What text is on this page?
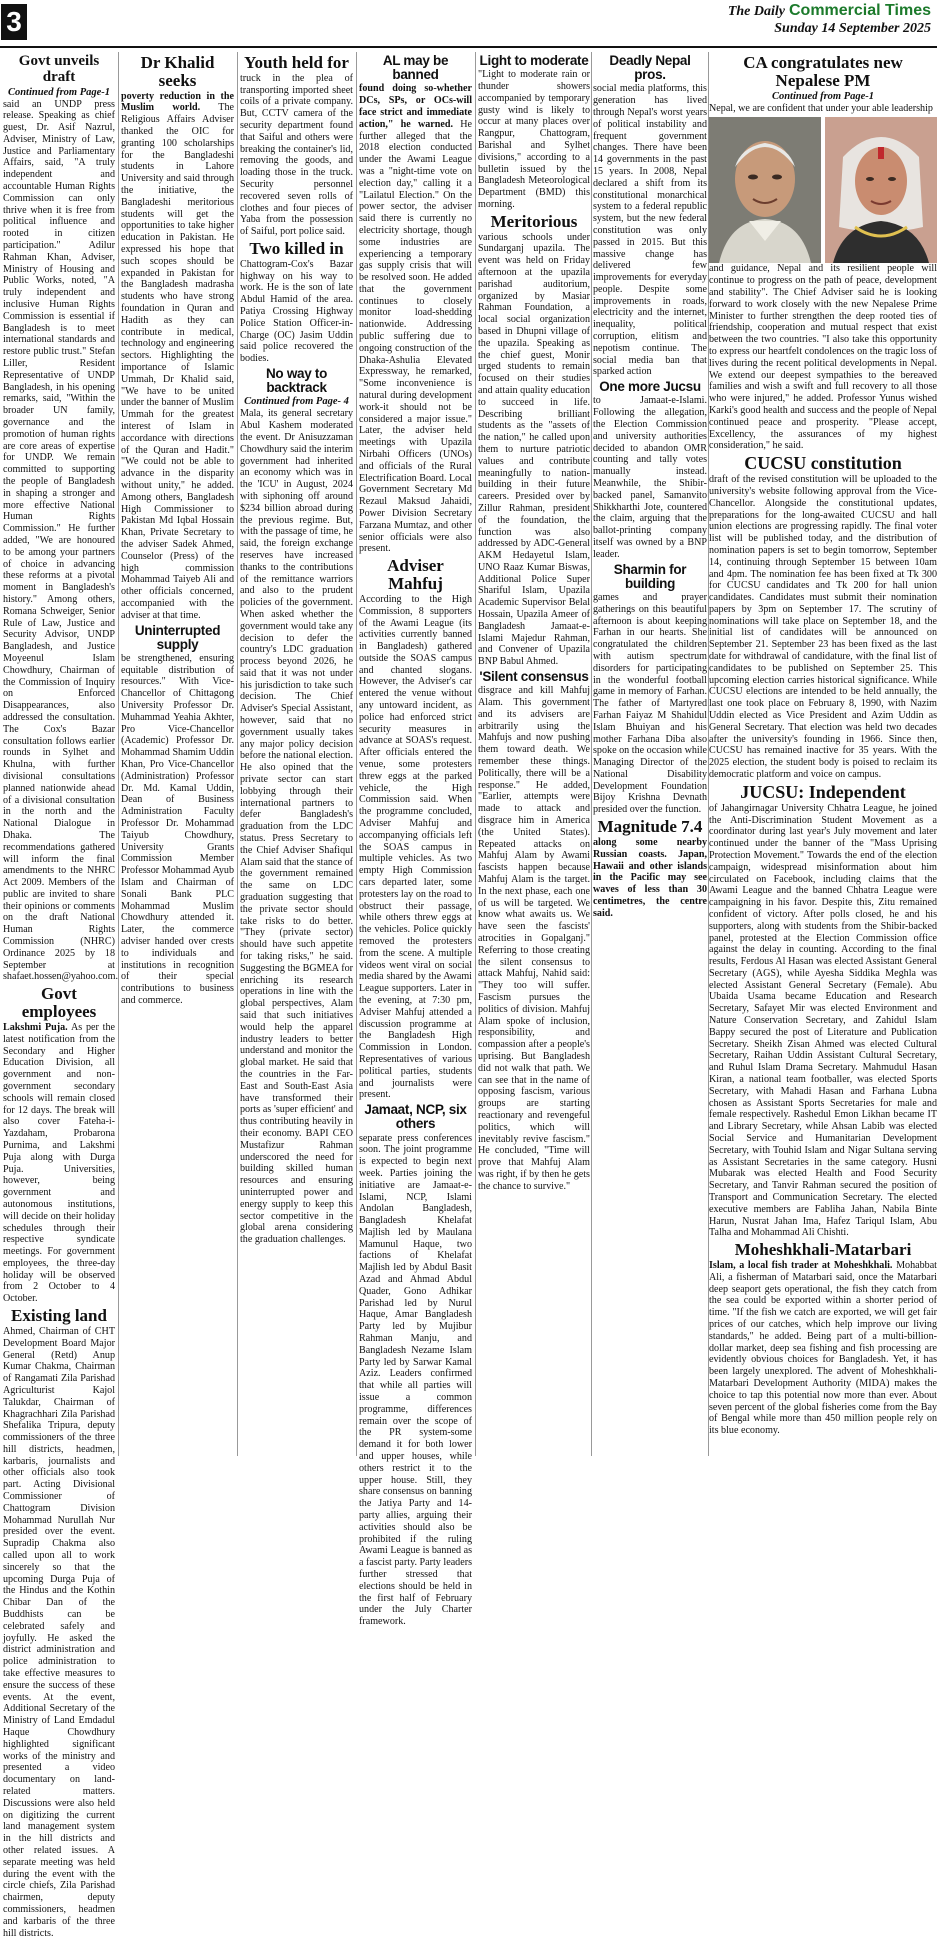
3	The Daily Commercial Times
Sunday 14 September 2025
Govt unveils draft
Continued from Page-1

said an UNDP press release. Speaking as chief guest, Dr. Asif Nazrul, Adviser, Ministry of Law, Justice and Parliamentary Affairs, said, "A truly independent and accountable Human Rights Commission can only thrive when it is free from political influence and rooted in citizen participation." Adilur Rahman Khan, Adviser, Ministry of Housing and Public Works, noted, "A truly independent and inclusive Human Rights Commission is essential if Bangladesh is to meet international standards and restore public trust." Stefan Liller, Resident Representative of UNDP Bangladesh, in his opening remarks, said, "Within the broader UN family, governance and the promotion of human rights are core areas of expertise for UNDP. We remain committed to supporting the people of Bangladesh in shaping a stronger and more effective National Human Rights Commission." He further added, "We are honoured to be among your partners of choice in advancing these reforms at a pivotal moment in Bangladesh's history." Among others, Romana Schweiger, Senior Rule of Law, Justice and Security Advisor, UNDP Bangladesh, and Justice Moyeenul Islam Chowdhury, Chairman of the Commission of Inquiry on Enforced Disappearances, also addressed the consultation. The Cox's Bazar consultation follows earlier rounds in Sylhet and Khulna, with further divisional consultations planned nationwide ahead of a divisional consultation in the north and the National Dialogue in Dhaka. The recommendations gathered will inform the final amendments to the NHRC Act 2009. Members of the public are invited to share their opinions or comments on the draft National Human Rights Commission (NHRC) Ordinance 2025 by 18 September at shafaet.hossen@yahoo.com.

Govt employees

Lakshmi Puja. As per the latest notification from the Secondary and Higher Education Division, all government and non-government secondary schools will remain closed for 12 days. The break will also cover Fateha-i-Yazdaham, Probarona Purnima, and Lakshmi Puja along with Durga Puja. Universities, however, being government and autonomous institutions, will decide on their holiday schedules through their respective syndicate meetings. For government employees, the three-day holiday will be observed from 2 October to 4 October.

Existing land

Ahmed, Chairman of CHT Development Board Major General (Retd) Anup Kumar Chakma, Chairman of Rangamati Zila Parishad Agriculturist Kajol Talukdar, Chairman of Khagrachhari Zila Parishad Shefalika Tripura, deputy commissioners of the three hill districts, headmen, karbaris, journalists and other officials also took part. Acting Divisional Commissioner of Chattogram Division Mohammad Nurullah Nur presided over the event. Supradip Chakma also called upon all to work sincerely so that the upcoming Durga Puja of the Hindus and the Kothin Chibar Dan of the Buddhists can be celebrated safely and joyfully. He asked the district administration and police administration to take effective measures to ensure the success of these events. At the event, Additional Secretary of the Ministry of Land Emdadul Haque Chowdhury highlighted significant works of the ministry and presented a video documentary on land-related matters. Discussions were also held on digitizing the current land management system in the hill districts and other related issues. A separate meeting was held during the event with the circle chiefs, Zila Parishad chairmen, deputy commissioners, headmen and karbaris of the three hill districts.

Dr Khalid seeks

poverty reduction in the Muslim world. The Religious Affairs Adviser thanked the OIC for granting 100 scholarships for the Bangladeshi students in Lahore University and said through the initiative, the Bangladeshi meritorious students will get the opportunities to take higher education in Pakistan. He expressed his hope that such scopes should be expanded in Pakistan for the Bangladesh madrasha students who have strong foundation in Quran and Hadith as they can contribute in medical, technology and engineering sectors. Highlighting the importance of Islamic Ummah, Dr Khalid said, "We have to be united under the banner of Muslim Ummah for the greatest interest of Islam in accordance with directions of the Quran and Hadit." "We could not be able to advance in the disparity without unity," he added. Among others, Bangladesh High Commissioner to Pakistan Md Iqbal Hossain Khan, Private Secretary to the adviser Sadek Ahmed, Counselor (Press) of the high commission Mohammad Taiyeb Ali and other officials concerned, accompanied with the adviser at that time.

Uninterrupted supply

be strengthened, ensuring equitable distribution of resources." With Vice-Chancellor of Chittagong University Professor Dr. Muhammad Yeahia Akhter, Pro Vice-Chancellor (Academic) Professor Dr. Mohammad Shamim Uddin Khan, Pro Vice-Chancellor (Administration) Professor Dr. Md. Kamal Uddin, Dean of Business Administration Faculty Professor Dr. Mohammad Taiyub Chowdhury, University Grants Commission Member Professor Mohammad Ayub Islam and Chairman of Sonali Bank PLC Mohammad Muslim Chowdhury attended it. Later, the commerce adviser handed over crests to individuals and institutions in recognition of their special contributions to business and commerce.

Youth held for

truck in the plea of transporting imported sheet coils of a private company. But, CCTV camera of the security department found that Saiful and others were breaking the container's lid, removing the goods, and loading those in the truck. Security personnel recovered seven rolls of clothes and four pieces of Yaba from the possession of Saiful, port police said.

Two killed in

Chattogram-Cox's Bazar highway on his way to work. He is the son of late Abdul Hamid of the area. Patiya Crossing Highway Police Station Officer-in-Charge (OC) Jasim Uddin said police recovered the bodies.

No way to backtrack
Continued from Page- 4

Mala, its general secretary Abul Kashem moderated the event. Dr Anisuzzaman Chowdhury said the interim government had inherited an economy which was in the 'ICU' in August, 2024 with siphoning off around $234 billion abroad during the previous regime. But, with the passage of time, he said, the foreign exchange reserves have increased thanks to the contributions of the remittance warriors and also to the prudent policies of the government. When asked whether the government would take any decision to defer the country's LDC graduation process beyond 2026, he said that it was not under his jurisdiction to take such decision. The Chief Adviser's Special Assistant, however, said that no government usually takes any major policy decision before the national election. He also opined that the private sector can start lobbying through their international partners to defer Bangladesh's graduation from the LDC status. Press Secretary to the Chief Adviser Shafiqul Alam said that the stance of the government remained the same on LDC graduation suggesting that the private sector should take risks to do better. "They (private sector) should have such appetite for taking risks," he said. Suggesting the BGMEA for enriching its research operations in line with the global perspectives, Alam said that such initiatives would help the apparel industry leaders to better understand and monitor the global market. He said that the countries in the Far-East and South-East Asia have transformed their ports as 'super efficient' and thus contributing heavily in their economy. BAPI CEO Mustafizur Rahman underscored the need for building skilled human resources and ensuring uninterrupted power and energy supply to keep this sector competitive in the global arena considering the graduation challenges.

AL may be banned

found doing so-whether DCs, SPs, or OCs-will face strict and immediate action," he warned. He further alleged that the 2018 election conducted under the Awami League was a "night-time vote on election day," calling it a "Lailatul Election." On the power sector, the adviser said there is currently no electricity shortage, though some industries are experiencing a temporary gas supply crisis that will be resolved soon. He added that the government continues to closely monitor load-shedding nationwide. Addressing public suffering due to ongoing construction of the Dhaka-Ashulia Elevated Expressway, he remarked, "Some inconvenience is natural during development work-it should not be considered a major issue." Later, the adviser held meetings with Upazila Nirbahi Officers (UNOs) and officials of the Rural Electrification Board. Local Government Secretary Md Rezaul Maksud Jahaidi, Power Division Secretary Farzana Mumtaz, and other senior officials were also present.

Adviser Mahfuj

According to the High Commission, 8 supporters of the Awami League (its activities currently banned in Bangladesh) gathered outside the SOAS campus and chanted slogans. However, the Adviser's car entered the venue without any untoward incident, as police had enforced strict security measures in advance at SOAS's request. After officials entered the venue, some protesters threw eggs at the parked vehicle, the High Commission said. When the programme concluded, Adviser Mahfuj and accompanying officials left the SOAS campus in multiple vehicles. As two empty High Commission cars departed later, some protesters lay on the road to obstruct their passage, while others threw eggs at the vehicles. Police quickly removed the protesters from the scene. A multiple videos went viral on social media shared by the Awami League supporters. Later in the evening, at 7:30 pm, Adviser Mahfuj attended a discussion programme at the Bangladesh High Commission in London. Representatives of various political parties, students and journalists were present.

Jamaat, NCP, six others

separate press conferences soon. The joint programme is expected to begin next week. Parties joining the initiative are Jamaat-e-Islami, NCP, Islami Andolan Bangladesh, Bangladesh Khelafat Majlish led by Maulana Mamunul Haque, two factions of Khelafat Majlish led by Abdul Basit Azad and Ahmad Abdul Quader, Gono Adhikar Parishad led by Nurul Haque, Amar Bangladesh Party led by Mujibur Rahman Manju, and Bangladesh Nezame Islam Party led by Sarwar Kamal Aziz. Leaders confirmed that while all parties will issue a common programme, differences remain over the scope of the PR system-some demand it for both lower and upper houses, while others restrict it to the upper house. Still, they share consensus on banning the Jatiya Party and 14-party allies, arguing their activities should also be prohibited if the ruling Awami League is banned as a fascist party. Party leaders further stressed that elections should be held in the first half of February under the July Charter framework.

Light to moderate

"Light to moderate rain or thunder showers accompanied by temporary gusty wind is likely to occur at many places over Rangpur, Chattogram, Barishal and Sylhet divisions," according to a bulletin issued by the Bangladesh Meteorological Department (BMD) this morning.

Meritorious

various schools under Sundarganj upazila. The event was held on Friday afternoon at the upazila parishad auditorium, organized by Masiar Rahman Foundation, a local social organization based in Dhupni village of the upazila. Speaking as the chief guest, Monir urged students to remain focused on their studies and attain quality education to succeed in life. Describing brilliant students as the "assets of the nation," he called upon them to nurture patriotic values and contribute meaningfully to nation-building in their future careers. Presided over by Zillur Rahman, president of the foundation, the function was also addressed by ADC-General AKM Hedayetul Islam, UNO Raaz Kumar Biswas, Additional Police Super Shariful Islam, Upazila Academic Supervisor Belal Hossain, Upazila Ameer of Bangladesh Jamaat-e-Islami Majedur Rahman, and Convener of Upazila BNP Babul Ahmed.

'Silent consensus

disgrace and kill Mahfuj Alam. This government and its advisers are arbitrarily using the Mahfujs and now pushing them toward death. We remember these things. Politically, there will be a response." He added, "Earlier, attempts were made to attack and disgrace him in America (the United States). Repeated attacks on Mahfuj Alam by Awami fascists happen because Mahfuj Alam is the target. In the next phase, each one of us will be targeted. We know what awaits us. We have seen the fascists' atrocities in Gopalganj." Referring to those creating the silent consensus to attack Mahfuj, Nahid said: "They too will suffer. Fascism pursues the politics of division. Mahfuj Alam spoke of inclusion, responsibility, and compassion after a people's uprising. But Bangladesh did not walk that path. We can see that in the name of opposing fascism, various groups are starting reactionary and revengeful politics, which will inevitably revive fascism." He concluded, "Time will prove that Mahfuj Alam was right, if by then he gets the chance to survive."

Deadly Nepal pros.

social media platforms, this generation has lived through Nepal's worst years of political instability and frequent government changes. There have been 14 governments in the past 15 years. In 2008, Nepal declared a shift from its constitutional monarchical system to a federal republic system, but the new federal constitution was only passed in 2015. But this massive change has delivered few improvements for everyday people. Despite some improvements in roads, electricity and the internet, inequality, political corruption, elitism and nepotism continue. The social media ban that sparked action

One more Jucsu

to Jamaat-e-Islami. Following the allegation, the Election Commission and university authorities decided to abandon OMR counting and tally votes manually instead. Meanwhile, the Shibir-backed panel, Samanvito Shikkharthi Jote, countered the claim, arguing that the ballot-printing company itself was owned by a BNP leader.

Sharmin for building

games and prayer gatherings on this beautiful afternoon is about keeping Farhan in our hearts. She congratulated the children with autism spectrum disorders for participating in the wonderful football game in memory of Farhan. The father of Martyred Farhan Faiyaz M Shahidul Islam Bhuiyan and his mother Farhana Diba also spoke on the occasion while Managing Director of the National Disability Development Foundation Bijoy Krishna Devnath presided over the function.

Magnitude 7.4

along some nearby Russian coasts. Japan, Hawaii and other islands in the Pacific may see waves of less than 30 centimetres, the centre said.

CA congratulates new Nepalese PM
Continued from Page-1

Nepal, we are confident that under your able leadership

and guidance, Nepal and its resilient people will continue to progress on the path of peace, development and stability". The Chief Adviser said he is looking forward to work closely with the new Nepalese Prime Minister to further strengthen the deep rooted ties of friendship, cooperation and mutual respect that exist between the two countries. "I also take this opportunity to express our heartfelt condolences on the tragic loss of lives during the recent political developments in Nepal. We extend our deepest sympathies to the bereaved families and wish a swift and full recovery to all those who were injured," he added. Professor Yunus wished Karki's good health and success and the people of Nepal continued peace and prosperity. "Please accept, Excellency, the assurances of my highest consideration," he said.

CUCSU constitution

draft of the revised constitution will be uploaded to the university's website following approval from the Vice-Chancellor. Alongside the constitutional updates, preparations for the long-awaited CUCSU and hall union elections are progressing rapidly. The final voter list will be published today, and the distribution of nomination papers is set to begin tomorrow, September 14, continuing through September 15 between 10am and 4pm. The nomination fee has been fixed at Tk 300 for CUCSU candidates and Tk 200 for hall union candidates. Candidates must submit their nomination papers by 3pm on September 17. The scrutiny of nominations will take place on September 18, and the initial list of candidates will be announced on September 21. September 23 has been fixed as the last date for withdrawal of candidature, with the final list of candidates to be published on September 25. This upcoming election carries historical significance. While CUCSU elections are intended to be held annually, the last one took place on February 8, 1990, with Nazim Uddin elected as Vice President and Azim Uddin as General Secretary. That election was held two decades after the university's founding in 1966. Since then, CUCSU has remained inactive for 35 years. With the 2025 election, the student body is poised to reclaim its democratic platform and voice on campus.

JUCSU: Independent

of Jahangirnagar University Chhatra League, he joined the Anti-Discrimination Student Movement as a coordinator during last year's July movement and later continued under the banner of the "Mass Uprising Protection Movement." Towards the end of the election campaign, widespread misinformation about him circulated on Facebook, including claims that the Awami League and the banned Chhatra League were campaigning in his favor. Despite this, Zitu remained confident of victory. After polls closed, he and his supporters, along with students from the Shibir-backed panel, protested at the Election Commission office against the delay in counting. According to the final results, Ferdous Al Hasan was elected Assistant General Secretary (AGS), while Ayesha Siddika Meghla was elected Assistant General Secretary (Female). Abu Ubaida Usama became Education and Research Secretary, Safayet Mir was elected Environment and Nature Conservation Secretary, and Zahidul Islam Bappy secured the post of Literature and Publication Secretary. Sheikh Zisan Ahmed was elected Cultural Secretary, Raihan Uddin Assistant Cultural Secretary, and Ruhul Islam Drama Secretary. Mahmudul Hasan Kiran, a national team footballer, was elected Sports Secretary, with Mahadi Hasan and Farhana Lubna chosen as Assistant Sports Secretaries for male and female respectively. Rashedul Emon Likhan became IT and Library Secretary, while Ahsan Labib was elected Social Service and Humanitarian Development Secretary, with Touhid Islam and Nigar Sultana serving as Assistant Secretaries in the same category. Husni Mubarak was elected Health and Food Security Secretary, and Tanvir Rahman secured the position of Transport and Communication Secretary. The elected executive members are Fabliha Jahan, Nabila Binte Harun, Nusrat Jahan Ima, Hafez Tariqul Islam, Abu Talha and Mohammad Ali Chishti.

Moheshkhali-Matarbari

Islam, a local fish trader at Moheshkhali. Mohabbat Ali, a fisherman of Matarbari said, once the Matarbari deep seaport gets operational, the fish they catch from the sea could be exported within a shorter period of time. "If the fish we catch are exported, we will get fair prices of our catches, which help improve our living standards," he added. Being part of a multi-billion-dollar market, deep sea fishing and fish processing are evidently obvious choices for Bangladesh. Yet, it has been largely unexplored. The advent of Moheshkhali-Matarbari Development Authority (MIDA) makes the choice to tap this potential now more than ever. About seven percent of the global fisheries come from the Bay of Bengal while more than 450 million people rely on its blue economy.
